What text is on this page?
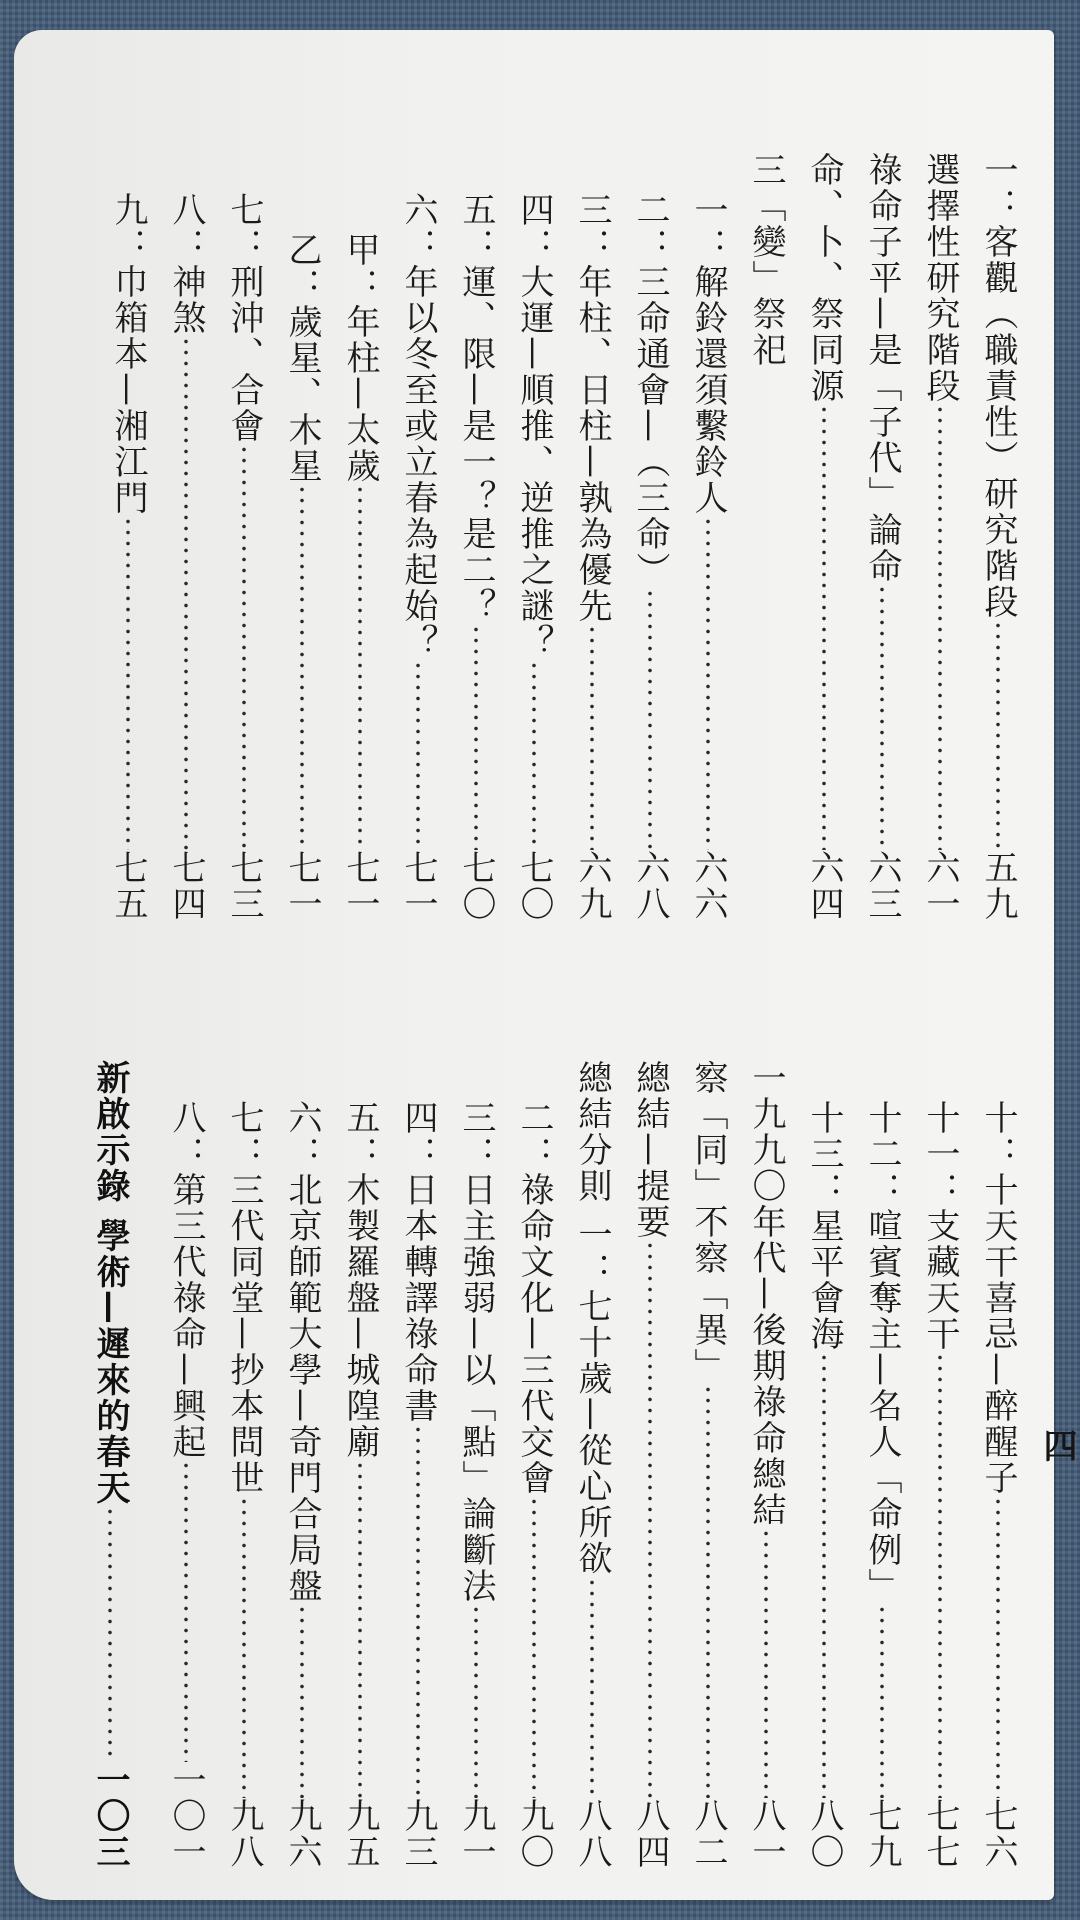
四
一：客觀（職責性）研究階段
五九
選擇性研究階段
六一
祿命子平—是「子代」論命
六三
命、卜、祭同源
六四
三「變」祭祀
一：解鈴還須繫鈴人
六六
二：三命通會—（三命）
六八
三：年柱、日柱—孰為優先
六九
四：大運—順推、逆推之謎？
七〇
五：運、限—是一？是二？
七〇
六：年以冬至或立春為起始？
七一
甲：年柱—太歲
七一
乙：歲星、木星
七一
七：刑沖、合會
七三
八：神煞
七四
九：巾箱本—湘江門
七五
十：十天干喜忌—醉醒子
七六
十一：支藏天干
七七
十二：喧賓奪主—名人「命例」
七九
十三：星平會海
八〇
一九九〇年代—後期祿命總結
八一
察「同」不察「異」
八二
總結—提要
八四
總結分則 一：七十歲—從心所欲
八八
二：祿命文化—三代交會
九〇
三：日主強弱—以「點」論斷法
九一
四：日本轉譯祿命書
九三
五：木製羅盤—城隍廟
九五
六：北京師範大學—奇門合局盤
九六
七：三代同堂—抄本問世
九八
八：第三代祿命—興起
一〇一
新啟示錄 學術—遲來的春天
一〇三
